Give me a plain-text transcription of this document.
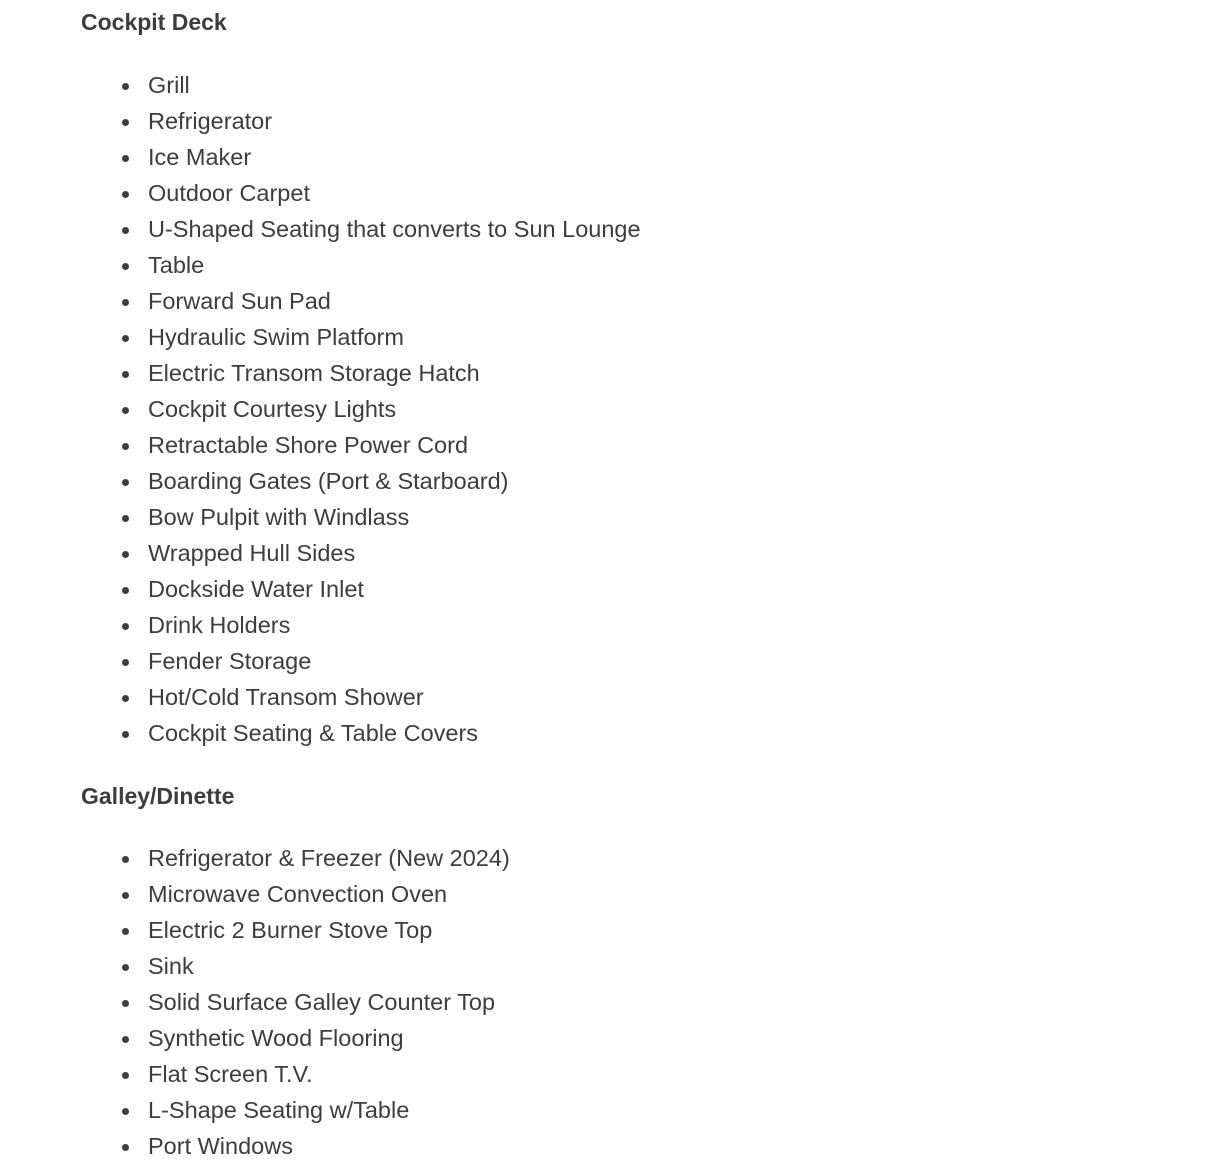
Cockpit Deck
Grill
Refrigerator
Ice Maker
Outdoor Carpet
U-Shaped Seating that converts to Sun Lounge
Table
Forward Sun Pad
Hydraulic Swim Platform
Electric Transom Storage Hatch
Cockpit Courtesy Lights
Retractable Shore Power Cord
Boarding Gates (Port & Starboard)
Bow Pulpit with Windlass
Wrapped Hull Sides
Dockside Water Inlet
Drink Holders
Fender Storage
Hot/Cold Transom Shower
Cockpit Seating & Table Covers
Galley/Dinette
Refrigerator & Freezer (New 2024)
Microwave Convection Oven
Electric 2 Burner Stove Top
Sink
Solid Surface Galley Counter Top
Synthetic Wood Flooring
Flat Screen T.V.
L-Shape Seating w/Table
Port Windows
